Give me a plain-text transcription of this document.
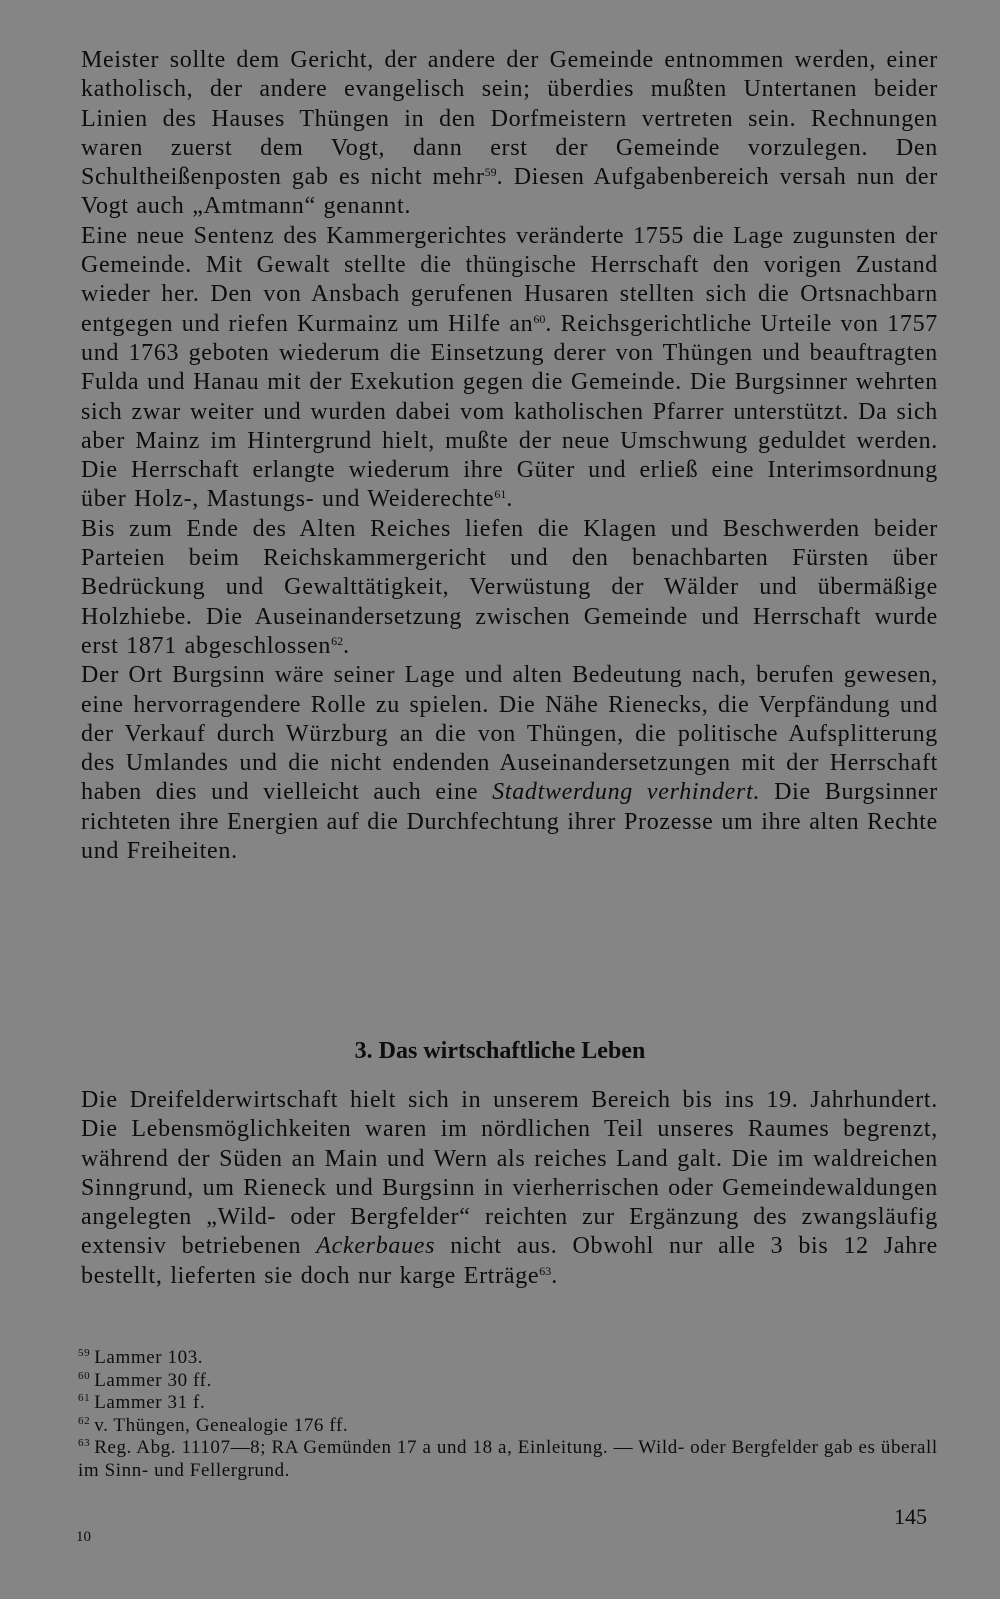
Meister sollte dem Gericht, der andere der Gemeinde entnommen werden, einer katholisch, der andere evangelisch sein; überdies mußten Untertanen beider Linien des Hauses Thüngen in den Dorfmeistern vertreten sein. Rechnungen waren zuerst dem Vogt, dann erst der Gemeinde vorzulegen. Den Schultheißenposten gab es nicht mehr$^{59}$. Diesen Aufgabenbereich versah nun der Vogt auch „Amtmann“ genannt.

Eine neue Sentenz des Kammergerichtes veränderte 1755 die Lage zugunsten der Gemeinde. Mit Gewalt stellte die thüngische Herrschaft den vorigen Zustand wieder her. Den von Ansbach gerufenen Husaren stellten sich die Ortsnachbarn entgegen und riefen Kurmainz um Hilfe $an^{60}$. Reichsgerichtliche Urteile von 1757 und 1763 geboten wiederum die Einsetzung derer von Thüngen und beauftragten Fulda und Hanau mit der Exekution gegen die Gemeinde. Die Burgsinner wehrten sich zwar weiter und wurden dabei vom katholischen Pfarrer unterstützt. Da sich aber Mainz im Hintergrund hielt, mußte der neue Umschwung geduldet werden. Die Herrschaft erlangte wiederum ihre Güter und erließ eine Interimsordnung über Holz-, Mastungs- und Weiderechte$^{61}$.

Bis zum Ende des Alten Reiches liefen die Klagen und Beschwerden beider Parteien beim Reichskammergericht und den benachbarten Fürsten über Bedrückung und Gewalttätigkeit, Verwüstung der Wälder und übermäßige Holzhiebe. Die Auseinandersetzung zwischen Gemeinde und Herrschaft wurde erst 1871 abgeschlossen$^{62}$.

Der Ort Burgsinn wäre seiner Lage und alten Bedeutung nach, berufen gewesen, eine hervorragendere Rolle zu spielen. Die Nähe Rienecks, die Verpfändung und der Verkauf durch Würzburg an die von Thüngen, die politische Aufsplitterung des Umlandes und die nicht endenden Auseinandersetzungen mit der Herrschaft haben dies und vielleicht auch eine Stadtwerdung verhindert. Die Burgsinner richteten ihre Energien auf die Durchfechtung ihrer Prozesse um ihre alten Rechte und Freiheiten.

3. Das wirtschaftliche Leben

Die Dreifelderwirtschaft hielt sich in unserem Bereich bis ins 19. Jahrhundert. Die Lebensmöglichkeiten waren im nördlichen Teil unseres Raumes begrenzt, während der Süden an Main und Wern als reiches Land galt. Die im waldreichen Sinngrund, um Rieneck und Burgsinn in vierherrischen oder Gemeindewaldungen angelegten „Wild- oder Bergfelder“ reichten zur Ergänzung des zwangsläufig extensiv betriebenen Ackerbaues nicht aus. Obwohl nur alle 3 bis 12 Jahre bestellt, lieferten sie doch nur karge Erträge$^{63}$.

$^{59}$ Lammer 103.
$^{60}$ Lammer 30 ff.
$^{61}$ Lammer 31 f.
$^{62}$ v. Thüngen, Genealogie 176 ff.
$^{63}$ Reg. Abg. 11107—8; RA Gemünden 17 a und 18 a, Einleitung. — Wild- oder Bergfelder gab es überall im Sinn- und Fellergrund.
145
10
